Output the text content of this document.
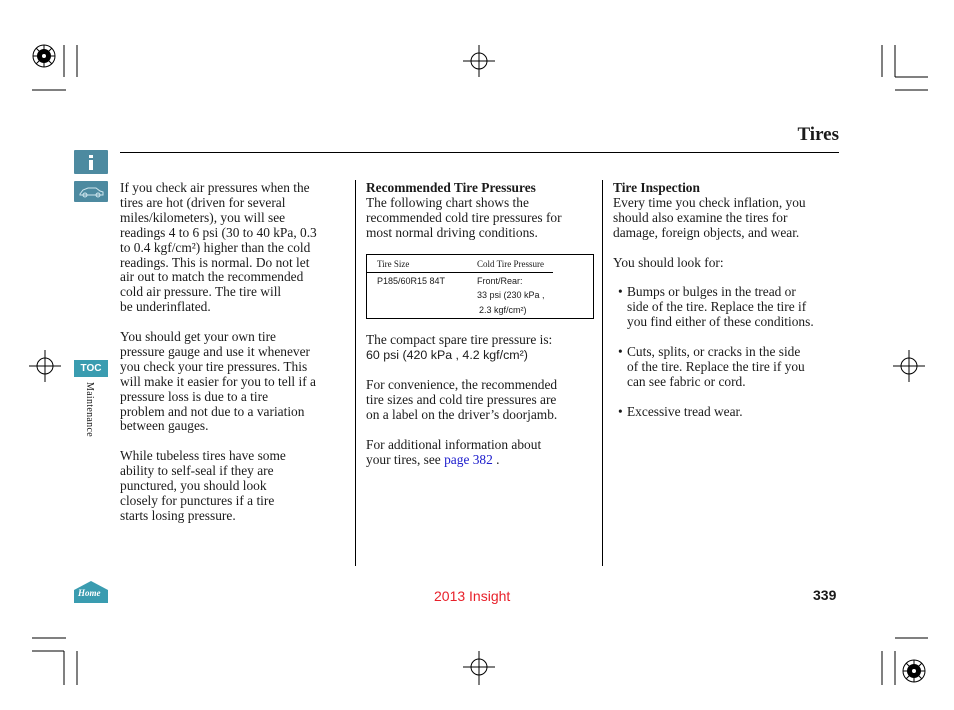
Tires
TOC
Maintenance
Home

If you check air pressures when the
tires are hot (driven for several
miles/kilometers), you will see
readings 4 to 6 psi (30 to 40 kPa, 0.3
to 0.4 kgf/cm²) higher than the cold
readings. This is normal. Do not let
air out to match the recommended
cold air pressure. The tire will
be underinflated.

You should get your own tire
pressure gauge and use it whenever
you check your tire pressures. This
will make it easier for you to tell if a
pressure loss is due to a tire
problem and not due to a variation
between gauges.

While tubeless tires have some
ability to self-seal if they are
punctured, you should look
closely for punctures if a tire
starts losing pressure.

Recommended Tire Pressures

The following chart shows the
recommended cold tire pressures for
most normal driving conditions.

Tire Size	Cold Tire Pressure
P185/60R15 84T	Front/Rear:
33 psi (230 kPa ,
2.3 kgf/cm²)
The compact spare tire pressure is:

60 psi (420 kPa , 4.2 kgf/cm²)

For convenience, the recommended
tire sizes and cold tire pressures are
on a label on the driver’s doorjamb.

For additional information about
your tires, see page 382 .

Tire Inspection

Every time you check inflation, you
should also examine the tires for
damage, foreign objects, and wear.

You should look for:

• Bumps or bulges in the tread or
side of the tire. Replace the tire if
you find either of these conditions.
• Cuts, splits, or cracks in the side
of the tire. Replace the tire if you
can see fabric or cord.
• Excessive tread wear.
2013 Insight	339
